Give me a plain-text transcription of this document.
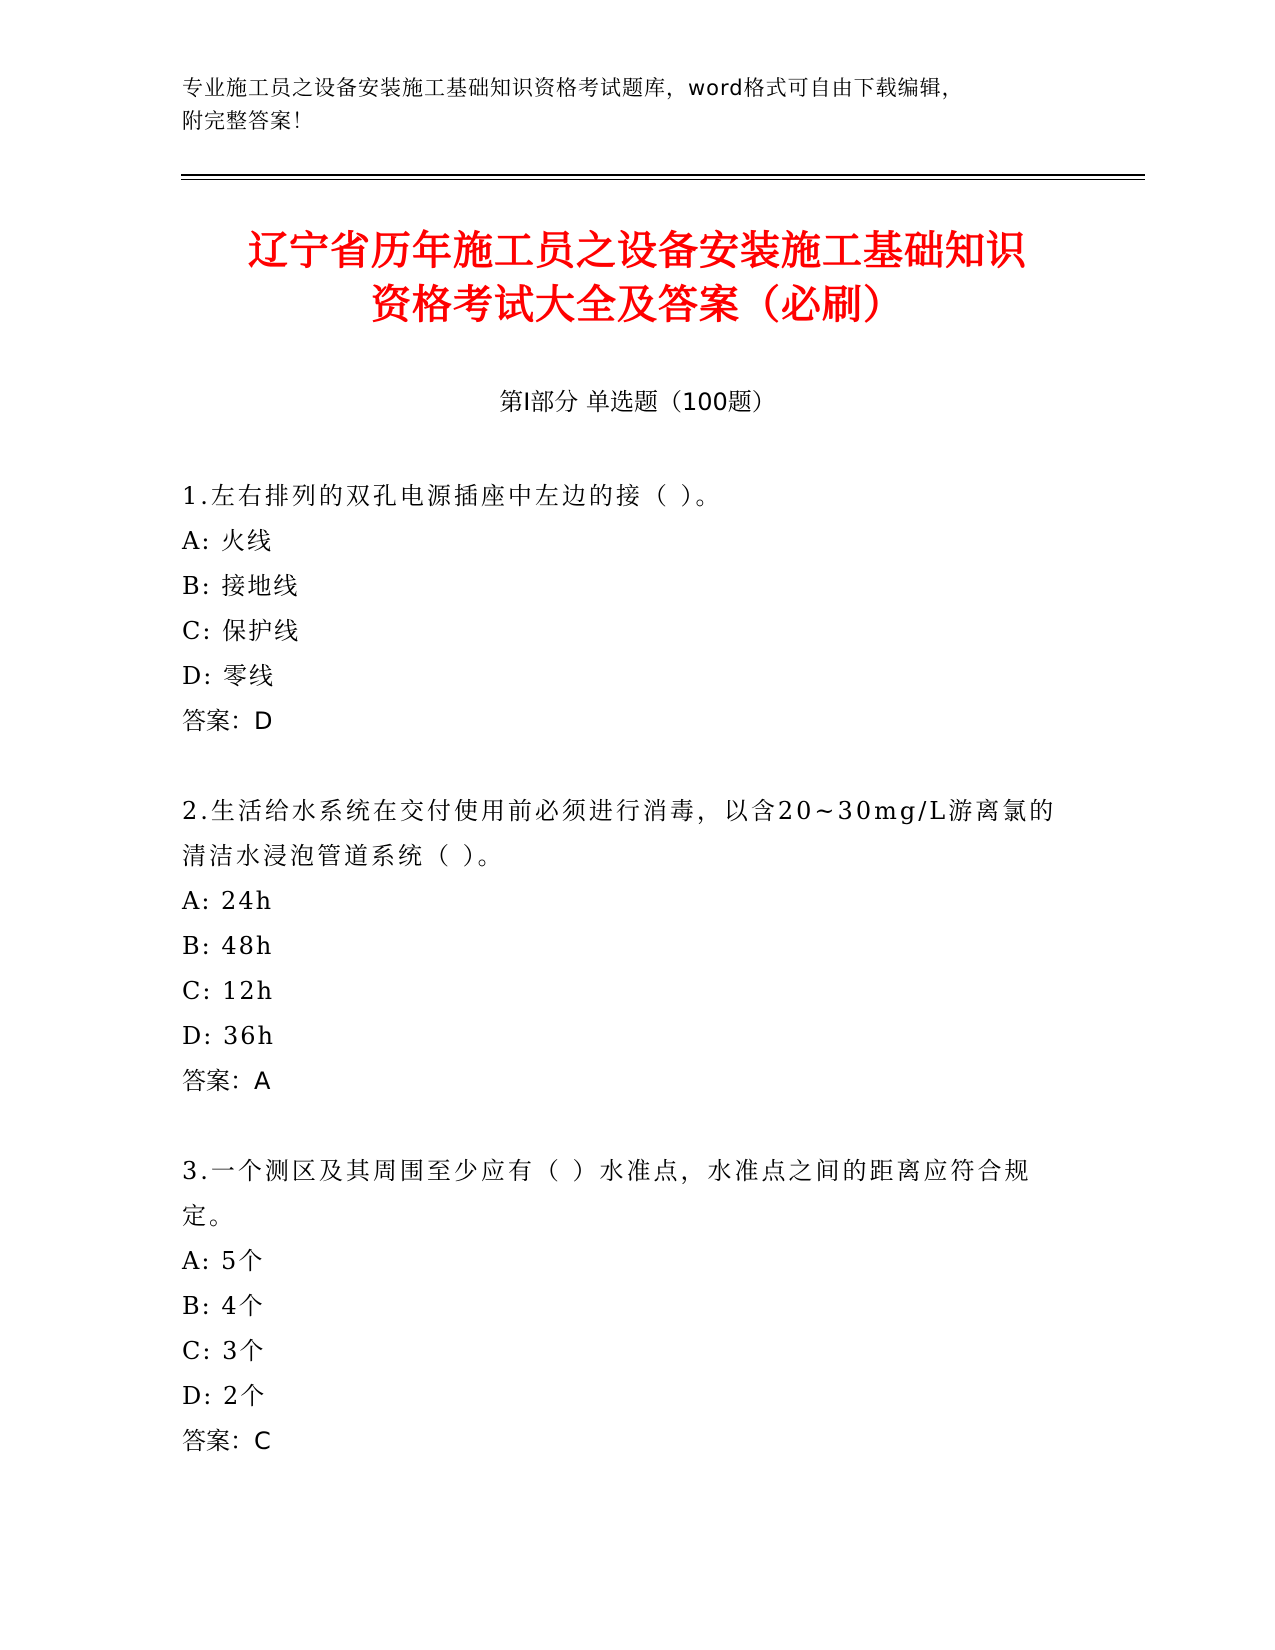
专业施工员之设备安装施工基础知识资格考试题库，word格式可自由下载编辑，
附完整答案！
辽宁省历年施工员之设备安装施工基础知识
资格考试大全及答案（必刷）
第Ⅰ部分 单选题（100题）
1.左右排列的双孔电源插座中左边的接（ ）。
A: 火线
B: 接地线
C: 保护线
D: 零线
答案：D
2.生活给水系统在交付使用前必须进行消毒，以含20~30mg/L游离氯的清洁水浸泡管道系统（ ）。
A: 24h
B: 48h
C: 12h
D: 36h
答案：A
3.一个测区及其周围至少应有（ ）水准点，水准点之间的距离应符合规定。
A: 5个
B: 4个
C: 3个
D: 2个
答案：C
